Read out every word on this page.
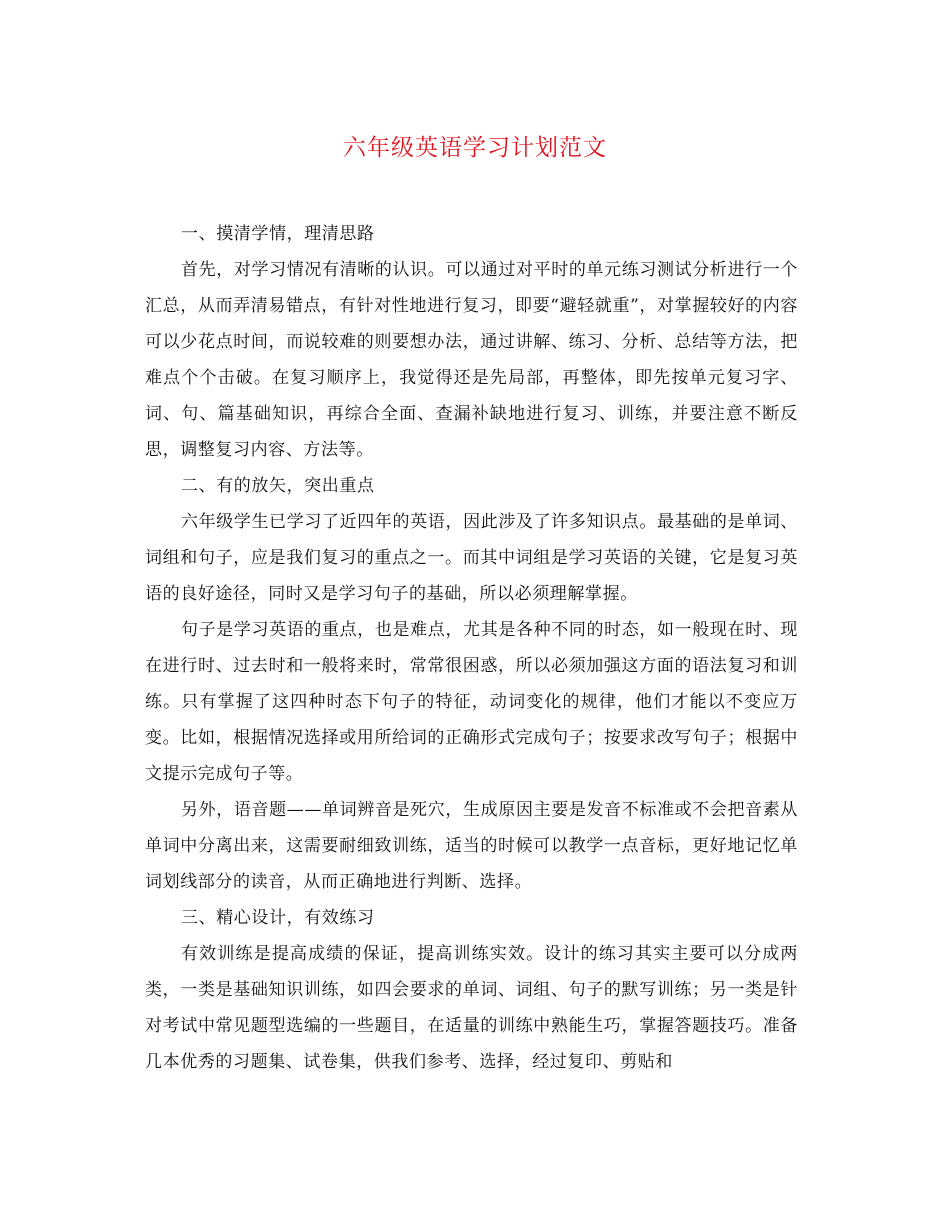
六年级英语学习计划范文

一、摸清学情，理清思路

首先，对学习情况有清晰的认识。可以通过对平时的单元练习测试分析进行一个汇总，从而弄清易错点，有针对性地进行复习，即要“避轻就重”，对掌握较好的内容可以少花点时间，而说较难的则要想办法，通过讲解、练习、分析、总结等方法，把难点个个击破。在复习顺序上，我觉得还是先局部，再整体，即先按单元复习字、词、句、篇基础知识，再综合全面、查漏补缺地进行复习、训练，并要注意不断反思，调整复习内容、方法等。

二、有的放矢，突出重点

六年级学生已学习了近四年的英语，因此涉及了许多知识点。最基础的是单词、词组和句子，应是我们复习的重点之一。而其中词组是学习英语的关键，它是复习英语的良好途径，同时又是学习句子的基础，所以必须理解掌握。

句子是学习英语的重点，也是难点，尤其是各种不同的时态，如一般现在时、现在进行时、过去时和一般将来时，常常很困惑，所以必须加强这方面的语法复习和训练。只有掌握了这四种时态下句子的特征，动词变化的规律，他们才能以不变应万变。比如，根据情况选择或用所给词的正确形式完成句子；按要求改写句子；根据中文提示完成句子等。

另外，语音题——单词辨音是死穴，生成原因主要是发音不标准或不会把音素从单词中分离出来，这需要耐细致训练，适当的时候可以教学一点音标，更好地记忆单词划线部分的读音，从而正确地进行判断、选择。

三、精心设计，有效练习

有效训练是提高成绩的保证，提高训练实效。设计的练习其实主要可以分成两类，一类是基础知识训练，如四会要求的单词、词组、句子的默写训练；另一类是针对考试中常见题型选编的一些题目，在适量的训练中熟能生巧，掌握答题技巧。准备几本优秀的习题集、试卷集，供我们参考、选择，经过复印、剪贴和
